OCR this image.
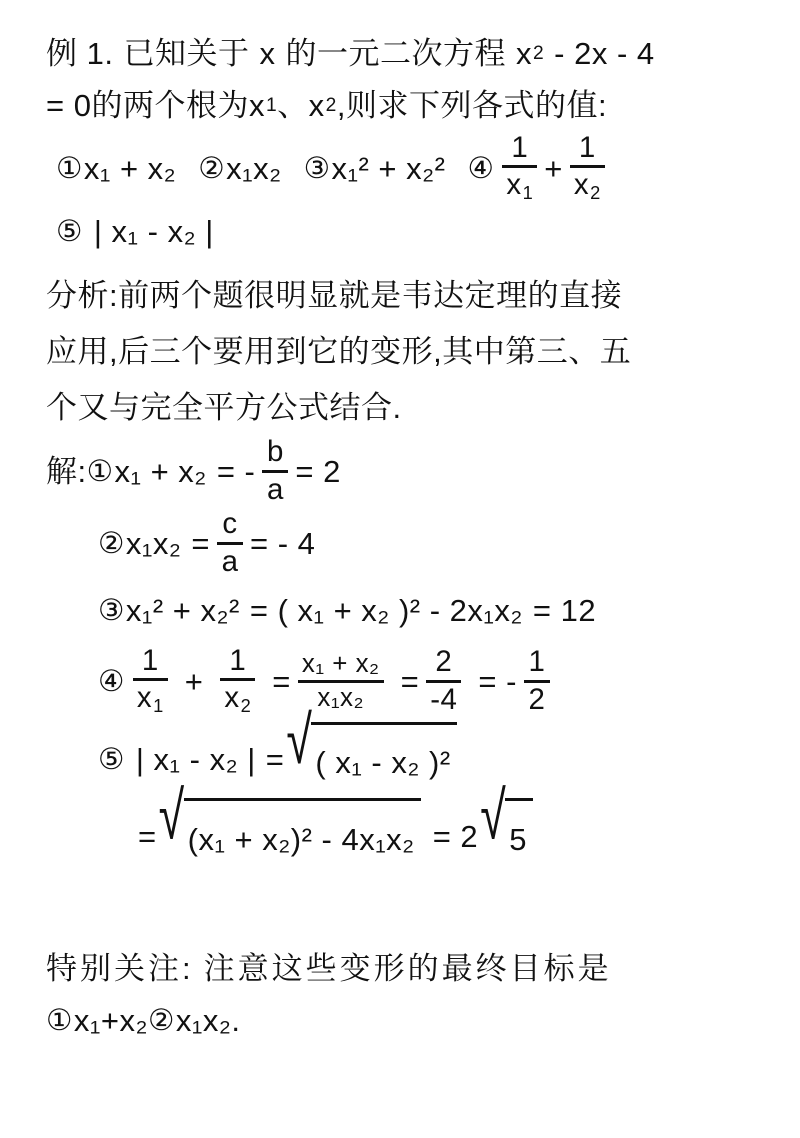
例 1. 已知关于 x 的一元二次方程 x 2 - 2x - 4
= 0 的两个根为 x 1 、 x 2 ,则求下列各式的值:
① x₁ + x₂ ② x₁x₂ ③ x₁² + x₂² ④ $\frac{1}{x_1} + \frac{1}{x_2}$
⑤ | x₁ - x₂ |
分析: 前两个题很明显就是韦达定理的直接
应用,后三个要用到它的变形,其中第三、五
个又与完全平方公式结合.
解: ① x₁ + x₂ = - $\frac{b}{a} = 2$
② $x_1x_2 = \frac{c}{a}$ = - 4
③ x₁² + x₂² = ( x₁ + x₂ )² - 2x₁x₂ = 12
④ $\frac{1}{x_1} + \frac{1}{x_2} = \frac{\text{x₁ + x₂}}{\text{x₁x₂}} = \frac{2}{-4}$ = - $\frac{1}{2}$
⑤ | x₁ - x₂ | = √ ( x₁ - x₂ )²
= √ (x₁ + x₂)² - 4x₁x₂ = 2 √ 5
特别关注: 注意这些变形的最终目标是
① x₁+x₂ ② x₁x₂ .
